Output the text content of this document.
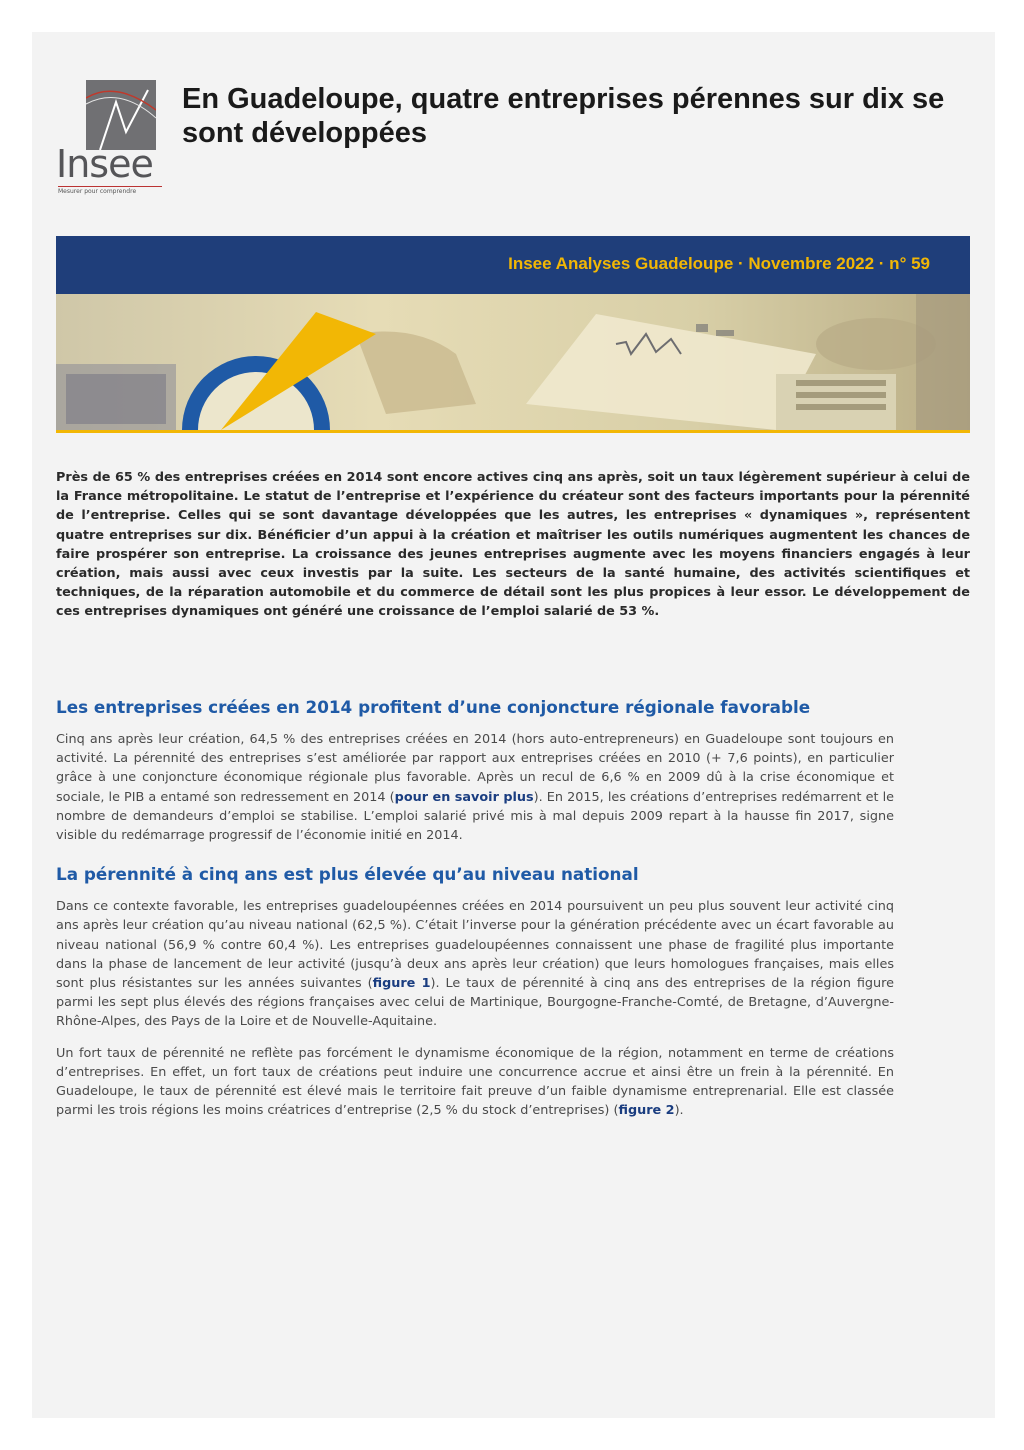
Insee
Mesurer pour comprendre
En Guadeloupe, quatre entreprises pérennes sur dix se sont développées
Insee Analyses Guadeloupe · Novembre 2022 · n° 59

Près de 65 % des entreprises créées en 2014 sont encore actives cinq ans après, soit un taux légèrement supérieur à celui de la France métropolitaine. Le statut de l’entreprise et l’expérience du créateur sont des facteurs importants pour la pérennité de l’entreprise. Celles qui se sont davantage développées que les autres, les entreprises « dynamiques », représentent quatre entreprises sur dix. Bénéficier d’un appui à la création et maîtriser les outils numériques augmentent les chances de faire prospérer son entreprise. La croissance des jeunes entreprises augmente avec les moyens financiers engagés à leur création, mais aussi avec ceux investis par la suite. Les secteurs de la santé humaine, des activités scientifiques et techniques, de la réparation automobile et du commerce de détail sont les plus propices à leur essor. Le développement de ces entreprises dynamiques ont généré une croissance de l’emploi salarié de 53 %.

Les entreprises créées en 2014 profitent d’une conjoncture régionale favorable

Cinq ans après leur création, 64,5 % des entreprises créées en 2014 (hors auto-entrepreneurs) en Guadeloupe sont toujours en activité. La pérennité des entreprises s’est améliorée par rapport aux entreprises créées en 2010 (+ 7,6 points), en particulier grâce à une conjoncture économique régionale plus favorable. Après un recul de 6,6 % en 2009 dû à la crise économique et sociale, le PIB a entamé son redressement en 2014 (pour en savoir plus). En 2015, les créations d’entreprises redémarrent et le nombre de demandeurs d’emploi se stabilise. L’emploi salarié privé mis à mal depuis 2009 repart à la hausse fin 2017, signe visible du redémarrage progressif de l’économie initié en 2014.

La pérennité à cinq ans est plus élevée qu’au niveau national

Dans ce contexte favorable, les entreprises guadeloupéennes créées en 2014 poursuivent un peu plus souvent leur activité cinq ans après leur création qu’au niveau national (62,5 %). C’était l’inverse pour la génération précédente avec un écart favorable au niveau national (56,9 % contre 60,4 %). Les entreprises guadeloupéennes connaissent une phase de fragilité plus importante dans la phase de lancement de leur activité (jusqu’à deux ans après leur création) que leurs homologues françaises, mais elles sont plus résistantes sur les années suivantes (figure 1). Le taux de pérennité à cinq ans des entreprises de la région figure parmi les sept plus élevés des régions françaises avec celui de Martinique, Bourgogne-Franche-Comté, de Bretagne, d’Auvergne-Rhône-Alpes, des Pays de la Loire et de Nouvelle-Aquitaine.

Un fort taux de pérennité ne reflète pas forcément le dynamisme économique de la région, notamment en terme de créations d’entreprises. En effet, un fort taux de créations peut induire une concurrence accrue et ainsi être un frein à la pérennité. En Guadeloupe, le taux de pérennité est élevé mais le territoire fait preuve d’un faible dynamisme entreprenarial. Elle est classée parmi les trois régions les moins créatrices d’entreprise (2,5 % du stock d’entreprises) (figure 2).
